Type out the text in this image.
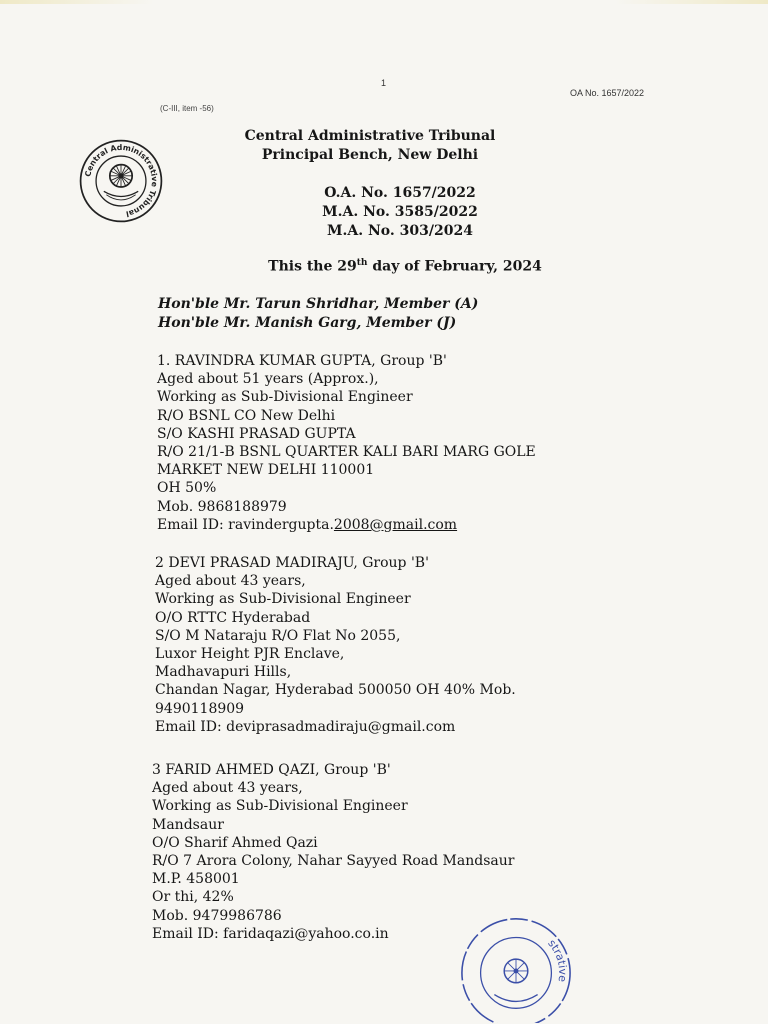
1
OA No. 1657/2022
(C-III, item -56)
Central Administrative Tribunal
Central Administrative Tribunal
Principal Bench, New Delhi
O.A. No. 1657/2022
M.A. No. 3585/2022
M.A. No. 303/2024
This the 29th day of February, 2024
Hon'ble Mr. Tarun Shridhar, Member (A)
Hon'ble Mr. Manish Garg, Member (J)
1. RAVINDRA KUMAR GUPTA, Group 'B'
Aged about 51 years (Approx.),
Working as Sub-Divisional Engineer
R/O BSNL CO New Delhi
S/O KASHI PRASAD GUPTA
R/O 21/1-B BSNL QUARTER KALI BARI MARG GOLE
MARKET NEW DELHI 110001
OH 50%
Mob. 9868188979
Email ID: ravindergupta.2008@gmail.com
2 DEVI PRASAD MADIRAJU, Group 'B'
Aged about 43 years,
Working as Sub-Divisional Engineer
O/O RTTC Hyderabad
S/O M Nataraju R/O Flat No 2055,
Luxor Height PJR Enclave,
Madhavapuri Hills,
Chandan Nagar, Hyderabad 500050 OH 40% Mob.
9490118909
Email ID: deviprasadmadiraju@gmail.com
3 FARID AHMED QAZI, Group 'B'
Aged about 43 years,
Working as Sub-Divisional Engineer
Mandsaur
O/O Sharif Ahmed Qazi
R/O 7 Arora Colony, Nahar Sayyed Road Mandsaur
M.P. 458001
Or thi, 42%
Mob. 9479986786
Email ID: faridaqazi@yahoo.co.in
strative
